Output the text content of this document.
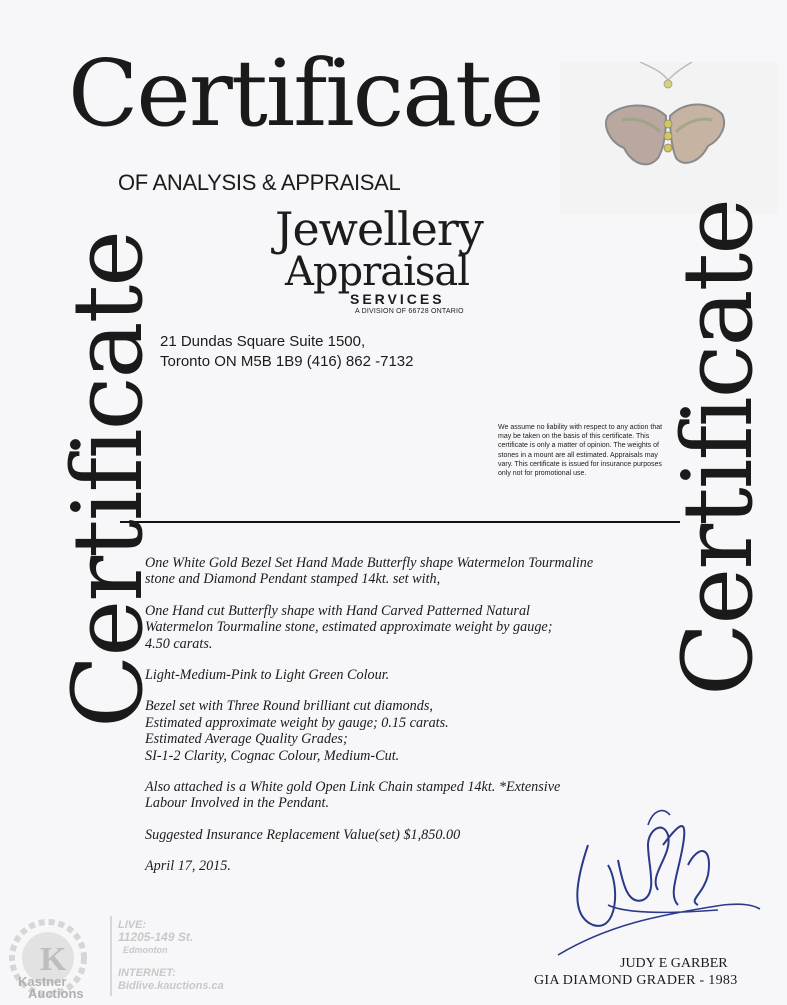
Certificate
OF ANALYSIS & APPRAISAL
Jewellery
Appraisal
SERVICES
A DIVISION OF 66728 ONTARIO
21 Dundas Square Suite 1500,
Toronto ON M5B 1B9 (416) 862 -7132
We assume no liability with respect to any action that may be taken on the basis of this certificate. This certificate is only a matter of opinion. The weights of stones in a mount are all estimated. Appraisals may vary. This certificate is issued for insurance purposes only not for promotional use.
Certificate	Certificate

One White Gold Bezel Set Hand Made Butterfly shape Watermelon Tourmaline
stone and Diamond Pendant stamped 14kt. set with,

One Hand cut Butterfly shape with Hand Carved Patterned Natural
Watermelon Tourmaline stone, estimated approximate weight by gauge;
4.50 carats.

Light-Medium-Pink to Light Green Colour.

Bezel set with Three Round brilliant cut diamonds,
Estimated approximate weight by gauge; 0.15 carats.
Estimated Average Quality Grades;
SI-1-2 Clarity, Cognac Colour, Medium-Cut.

Also attached is a White gold Open Link Chain stamped 14kt. *Extensive
Labour Involved in the Pendant.

Suggested Insurance Replacement Value(set) $1,850.00

April 17, 2015.

JUDY E GARBER
GIA DIAMOND GRADER - 1983
K
Kastner
Auctions
LIVE:
11205-149 St.
Edmonton
INTERNET:
Bidlive.kauctions.ca
